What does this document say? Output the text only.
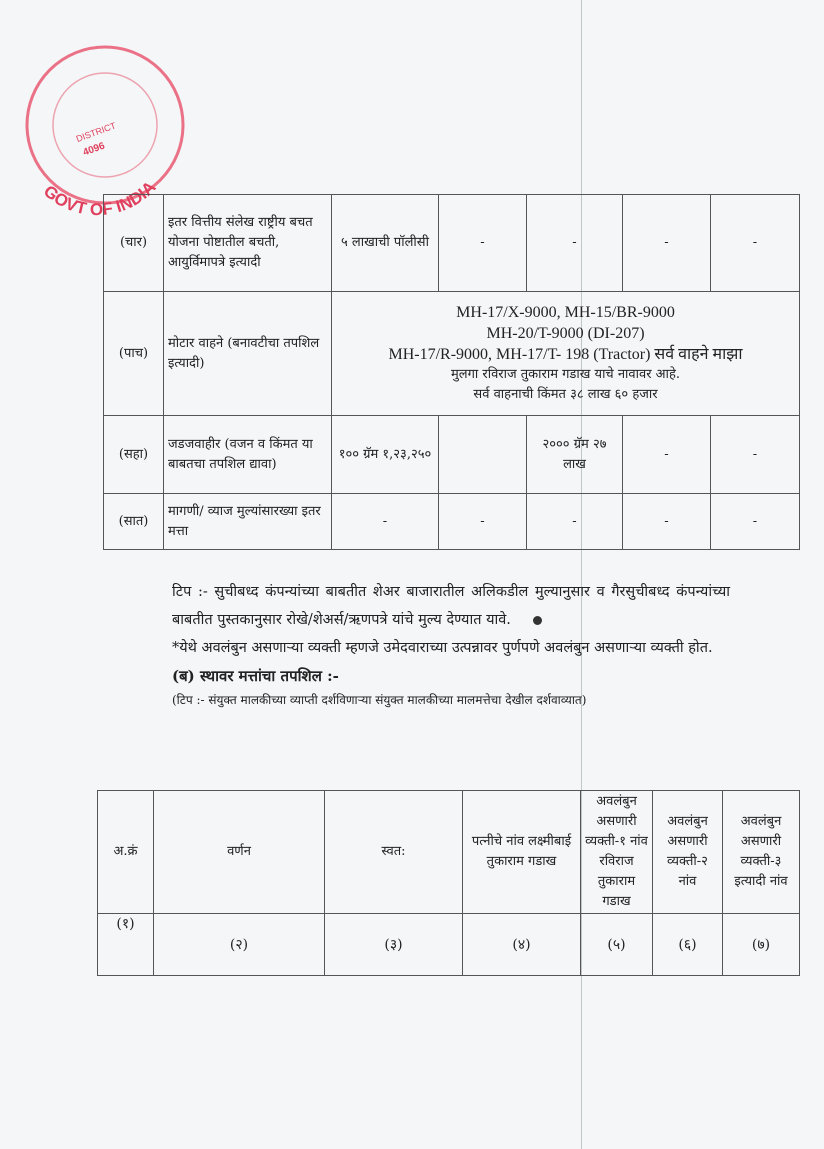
GOVT OF INDIA
DISTRICT
4096
(चार)	इतर वित्तीय संलेख राष्ट्रीय बचत योजना पोष्टातील बचती, आयुर्विमापत्रे इत्यादी	५ लाखाची पॉलीसी	-	-	-	-
(पाच)	मोटार वाहने (बनावटीचा तपशिल इत्यादी)	MH-17/X-9000, MH-15/BR-9000
MH-20/T-9000 (DI-207)
MH-17/R-9000, MH-17/T- 198 (Tractor) सर्व वाहने माझा
मुलगा रविराज तुकाराम गडाख याचे नावावर आहे.
सर्व वाहनाची किंमत ३८ लाख ६० हजार				

(सहा)	जडजवाहीर (वजन व किंमत या बाबतचा तपशिल द्यावा)	१०० ग्रॅम १,२३,२५०		२००० ग्रॅम २७ लाख	-	-
(सात)	मागणी/ व्याज मुल्यांसारख्या इतर मत्ता	-	-	-	-	-

टिप :- सुचीबध्द कंपन्यांच्या बाबतीत शेअर बाजारातील अलिकडील मुल्यानुसार व गैरसुचीबध्द कंपन्यांच्या बाबतीत पुस्तकानुसार रोखे/शेअर्स/ऋणपत्रे यांचे मुल्य देण्यात यावे.

*येथे अवलंबुन असणाऱ्या व्यक्ती म्हणजे उमेदवाराच्या उत्पन्नावर पुर्णपणे अवलंबुन असणाऱ्या व्यक्ती होत.

(ब) स्थावर मत्तांचा तपशिल :-

(टिप :- संयुक्त मालकीच्या व्याप्ती दर्शविणाऱ्या संयुक्त मालकीच्या मालमत्तेचा देखील दर्शवाव्यात)

अ.क्रं	वर्णन	स्वत:	पत्नीचे नांव लक्ष्मीबाई तुकाराम गडाख	अवलंबुन असणारी व्यक्ती-१ नांव रविराज तुकाराम गडाख	अवलंबुन असणारी व्यक्ती-२ नांव	अवलंबुन असणारी व्यक्ती-३ इत्यादी नांव
(१)	(२)	(३)	(४)	(५)	(६)	(७)
